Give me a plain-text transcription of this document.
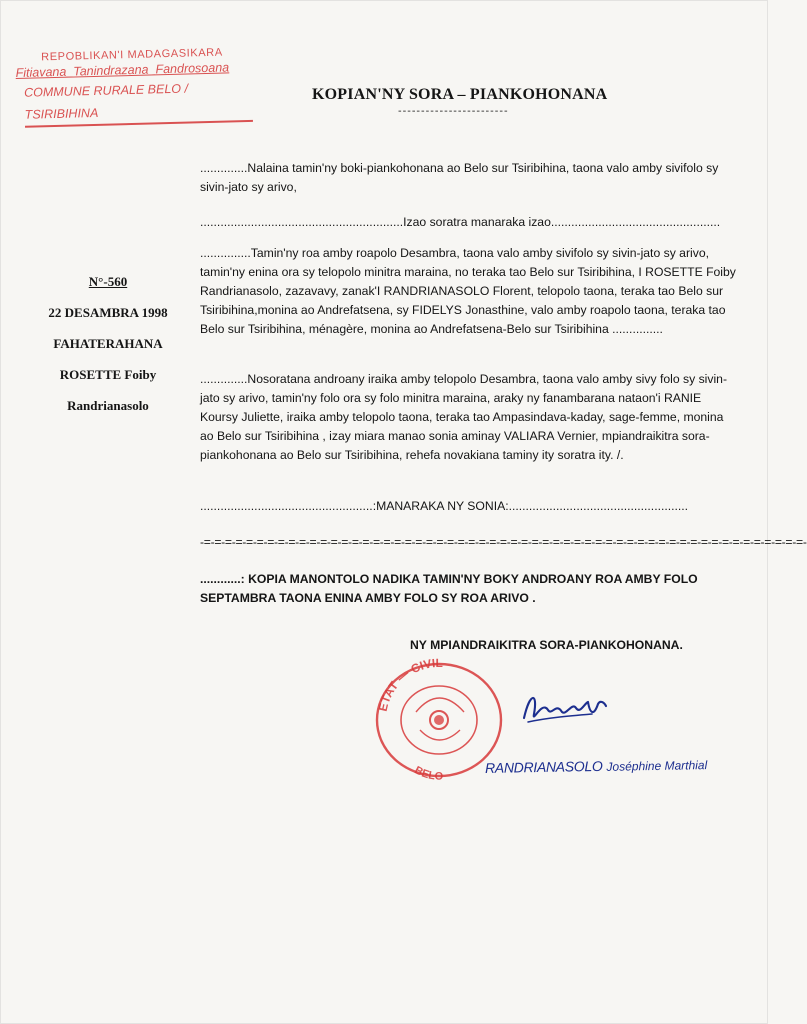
REPOBLIKAN'I MADAGASIKARA
Fitiavana_Tanindrazana_Fandrosoana
COMMUNE RURALE BELO / TSIRIBIHINA
KOPIAN'NY SORA – PIANKOHONANA
------------------------
N°-560
22 DESAMBRA 1998
FAHATERAHANA
ROSETTE Foiby
Randrianasolo
..............Nalaina tamin'ny boki-piankohonana ao Belo sur Tsiribihina, taona valo amby sivifolo sy sivin-jato sy arivo,
............................................................Izao soratra manaraka izao..................................................
...............Tamin'ny roa amby roapolo Desambra, taona valo amby sivifolo sy sivin-jato sy arivo, tamin'ny enina ora sy telopolo minitra maraina, no teraka tao Belo sur Tsiribihina, I ROSETTE Foiby Randrianasolo, zazavavy, zanak'I RANDRIANASOLO Florent, telopolo taona, teraka tao Belo sur Tsiribihina,monina ao Andrefatsena, sy FIDELYS Jonasthine, valo amby roapolo taona, teraka tao Belo sur Tsiribihina, ménagère, monina ao Andrefatsena-Belo sur Tsiribihina ...............
..............Nosoratana androany iraika amby telopolo Desambra, taona valo amby sivy folo sy sivin-jato sy arivo, tamin'ny folo ora sy folo minitra maraina, araky ny fanambarana nataon'i RANIE Koursy Juliette, iraika amby telopolo taona, teraka tao Ampasindava-kaday, sage-femme, monina ao Belo sur Tsiribihina , izay miara manao sonia aminay VALIARA Vernier, mpiandraikitra sora-piankohonana ao Belo sur Tsiribihina, rehefa novakiana taminy ity soratra ity. /.
...................................................:MANARAKA NY SONIA:.....................................................
-=-=-=-=-=-=-=-=-=-=-=-=-=-=-=-=-=-=-=-=-=-=-=-=-=-=-=-=-=-=-=-=-=-=-=-=-=-=-=-=-=-=-=-=-=-=-=-=-=-=-=-=-=-=-=-=-=-
............: KOPIA MANONTOLO NADIKA TAMIN'NY BOKY ANDROANY ROA AMBY FOLO SEPTAMBRA TAONA ENINA AMBY FOLO SY ROA ARIVO .
NY MPIANDRAIKITRA SORA-PIANKOHONANA.
ETAT — CIVIL
BELO
RANDRIANASOLO Joséphine Marthial
